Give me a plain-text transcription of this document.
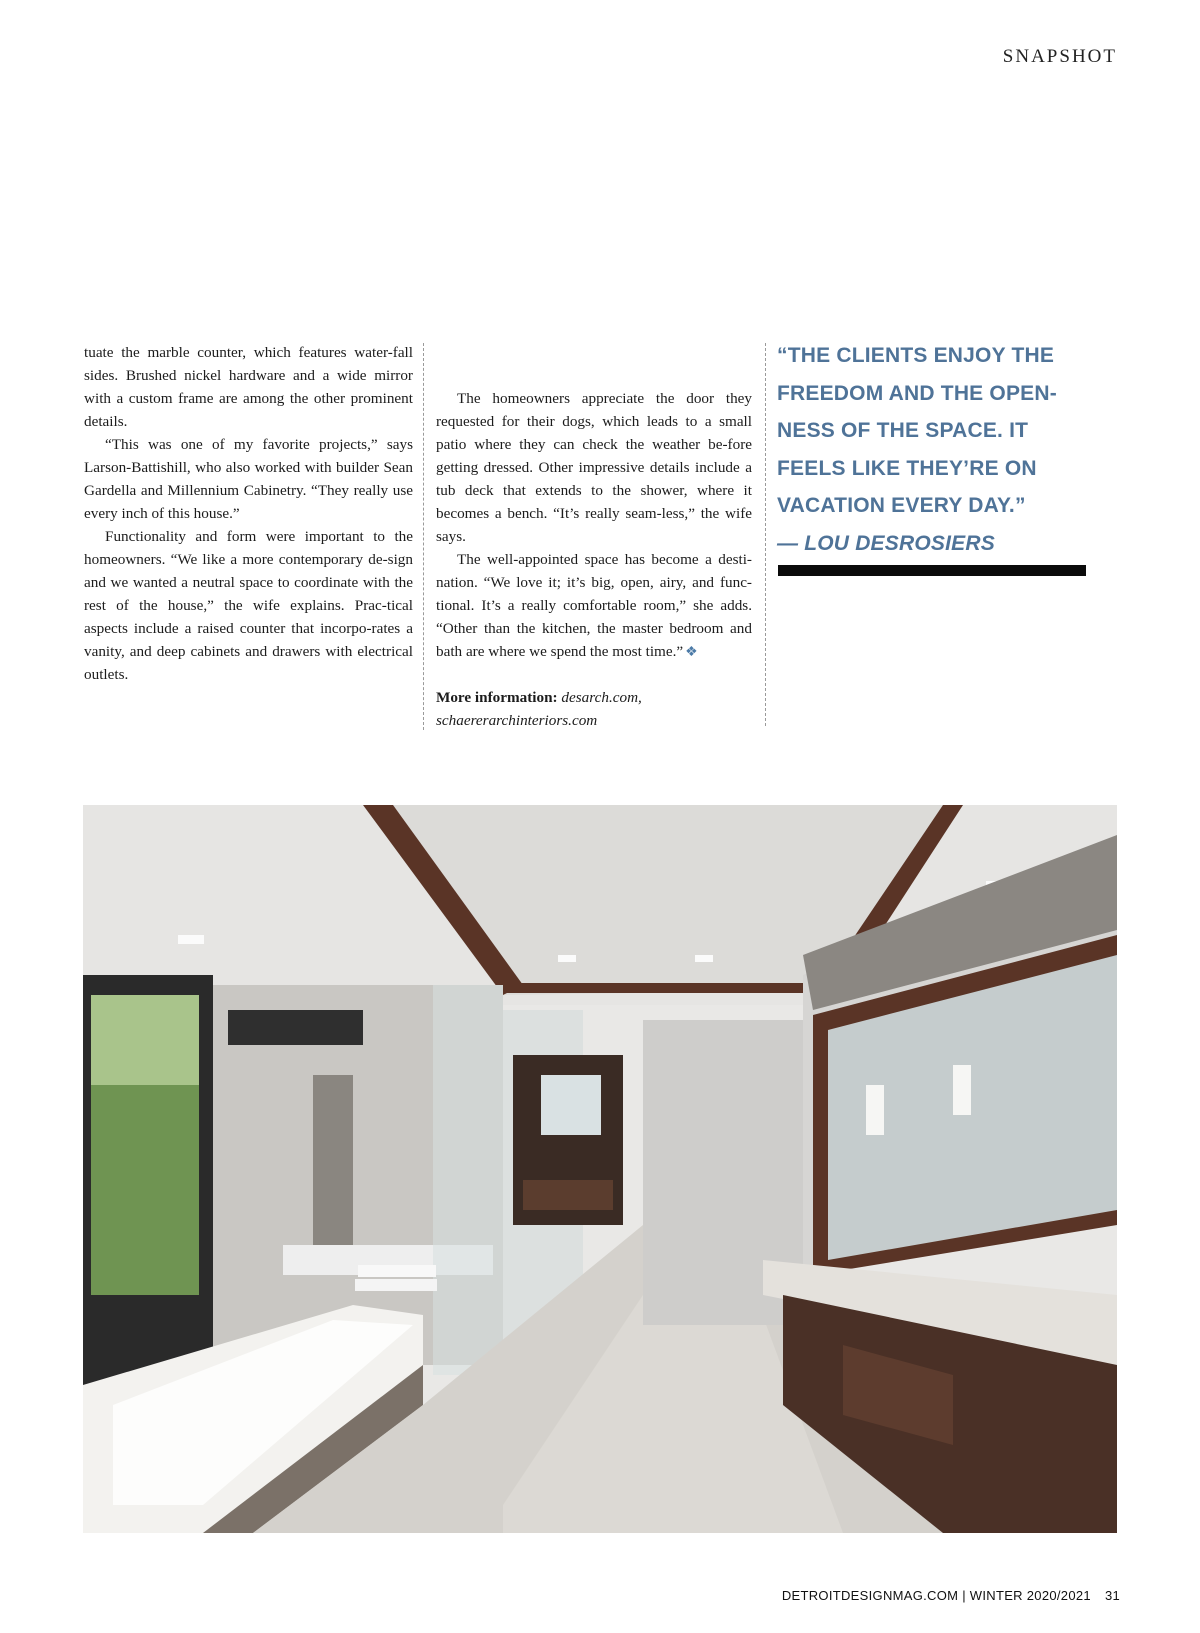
SNAPSHOT

tuate the marble counter, which features water-fall sides. Brushed nickel hardware and a wide mirror with a custom frame are among the other prominent details.

“This was one of my favorite projects,” says Larson-Battishill, who also worked with builder Sean Gardella and Millennium Cabinetry. “They really use every inch of this house.”

Functionality and form were important to the homeowners. “We like a more contemporary de-sign and we wanted a neutral space to coordinate with the rest of the house,” the wife explains. Prac-tical aspects include a raised counter that incorpo-rates a vanity, and deep cabinets and drawers with electrical outlets.

The homeowners appreciate the door they requested for their dogs, which leads to a small patio where they can check the weather be-fore getting dressed. Other impressive details include a tub deck that extends to the shower, where it becomes a bench. “It’s really seam-less,” the wife says.

The well-appointed space has become a desti-nation. “We love it; it’s big, open, airy, and func-tional. It’s a really comfortable room,” she adds. “Other than the kitchen, the master bedroom and bath are where we spend the most time.” ❖

More information: desarch.com, schaererarchinteriors.com

“THE CLIENTS ENJOY THE FREEDOM AND THE OPEN-NESS OF THE SPACE. IT FEELS LIKE THEY’RE ON VACATION EVERY DAY.”
— LOU DESROSIERS
DETROITDESIGNMAG.COM | WINTER 2020/2021 31
